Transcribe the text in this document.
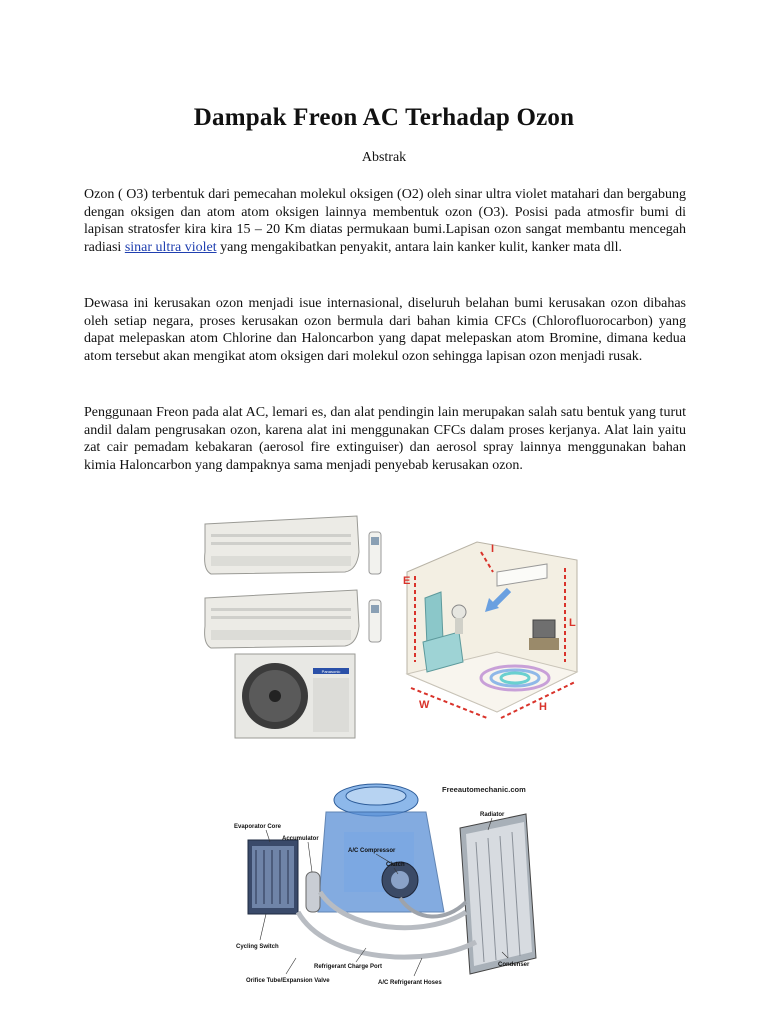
Dampak Freon AC Terhadap Ozon
Abstrak

Ozon ( O3) terbentuk dari pemecahan molekul oksigen (O2) oleh sinar ultra violet matahari dan bergabung dengan oksigen dan atom atom oksigen lainnya membentuk ozon (O3). Posisi pada atmosfir bumi di lapisan stratosfer kira kira 15 – 20 Km diatas permukaan bumi.Lapisan ozon sangat membantu mencegah radiasi sinar ultra violet yang mengakibatkan penyakit, antara lain kanker kulit, kanker mata dll.

Dewasa ini kerusakan ozon menjadi isue internasional, diseluruh belahan bumi kerusakan ozon dibahas oleh setiap negara, proses kerusakan ozon bermula dari bahan kimia CFCs (Chlorofluorocarbon) yang dapat melepaskan atom Chlorine dan Haloncarbon yang dapat melepaskan atom Bromine, dimana kedua atom tersebut akan mengikat atom oksigen dari molekul ozon sehingga lapisan ozon menjadi rusak.

Penggunaan Freon pada alat AC, lemari es, dan alat pendingin lain merupakan salah satu bentuk yang turut andil dalam pengrusakan ozon, karena alat ini menggunakan CFCs dalam proses kerjanya. Alat lain yaitu zat cair pemadam kebakaran (aerosol fire extinguiser) dan aerosol spray lainnya menggunakan bahan kimia Haloncarbon yang dampaknya sama menjadi penyebab kerusakan ozon.

Panasonic
E
I
L
W	H
Freeautomechanic.com
Evaporator Core
Accumulator
A/C Compressor
Radiator
Clutch
Cycling Switch
Refrigerant Charge Port	Condenser
Orifice Tube/Expansion Valve	A/C Refrigerant Hoses
